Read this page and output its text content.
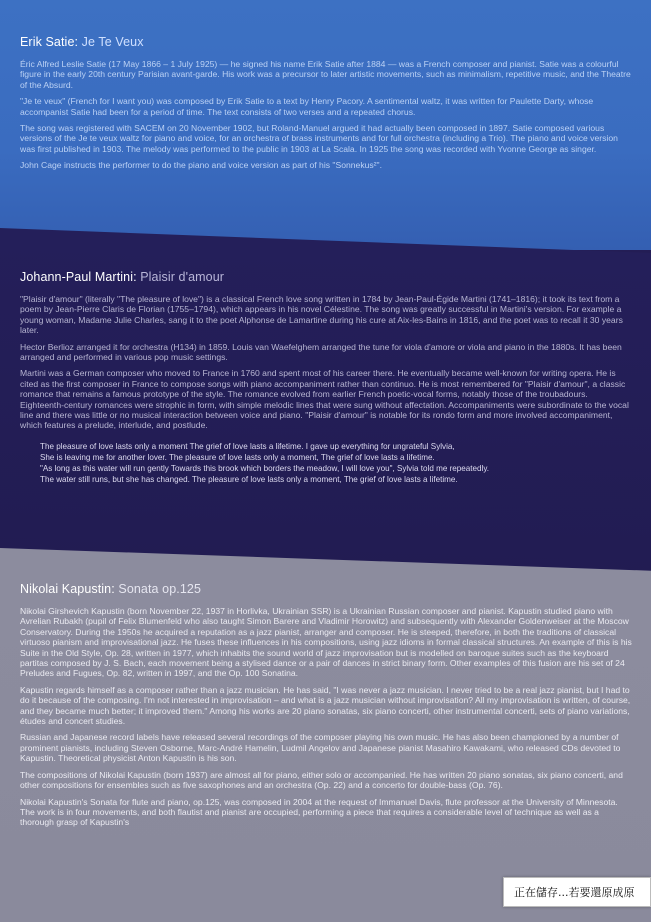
Erik Satie: Je Te Veux

Éric Alfred Leslie Satie (17 May 1866 – 1 July 1925) — he signed his name Erik Satie after 1884 — was a French composer and pianist. Satie was a colourful figure in the early 20th century Parisian avant-garde. His work was a precursor to later artistic movements, such as minimalism, repetitive music, and the Theatre of the Absurd.

"Je te veux" (French for I want you) was composed by Erik Satie to a text by Henry Pacory. A sentimental waltz, it was written for Paulette Darty, whose accompanist Satie had been for a period of time. The text consists of two verses and a repeated chorus.

The song was registered with SACEM on 20 November 1902, but Roland-Manuel argued it had actually been composed in 1897. Satie composed various versions of the Je te veux waltz for piano and voice, for an orchestra of brass instruments and for full orchestra (including a Trio). The piano and voice version was first published in 1903. The melody was performed to the public in 1903 at La Scala. In 1925 the song was recorded with Yvonne George as singer.

John Cage instructs the performer to do the piano and voice version as part of his "Sonnekus²".

Johann-Paul Martini: Plaisir d'amour

"Plaisir d'amour" (literally "The pleasure of love") is a classical French love song written in 1784 by Jean-Paul-Égide Martini (1741–1816); it took its text from a poem by Jean-Pierre Claris de Florian (1755–1794), which appears in his novel Célestine. The song was greatly successful in Martini's version. For example a young woman, Madame Julie Charles, sang it to the poet Alphonse de Lamartine during his cure at Aix-les-Bains in 1816, and the poet was to recall it 30 years later.

Hector Berlioz arranged it for orchestra (H134) in 1859. Louis van Waefelghem arranged the tune for viola d'amore or viola and piano in the 1880s. It has been arranged and performed in various pop music settings.

Martini was a German composer who moved to France in 1760 and spent most of his career there. He eventually became well-known for writing opera. He is cited as the first composer in France to compose songs with piano accompaniment rather than continuo. He is most remembered for "Plaisir d'amour", a classic romance that remains a famous prototype of the style. The romance evolved from earlier French poetic-vocal forms, notably those of the troubadours. Eighteenth-century romances were strophic in form, with simple melodic lines that were sung without affectation. Accompaniments were subordinate to the vocal line and there was little or no musical interaction between voice and piano. "Plaisir d'amour" is notable for its rondo form and more involved accompaniment, which features a prelude, interlude, and postlude.

The pleasure of love lasts only a moment The grief of love lasts a lifetime. I gave up everything for ungrateful Sylvia,
She is leaving me for another lover. The pleasure of love lasts only a moment, The grief of love lasts a lifetime.
"As long as this water will run gently Towards this brook which borders the meadow, I will love you", Sylvia told me repeatedly.
The water still runs, but she has changed. The pleasure of love lasts only a moment, The grief of love lasts a lifetime.
Nikolai Kapustin: Sonata op.125

Nikolai Girshevich Kapustin (born November 22, 1937 in Horlivka, Ukrainian SSR) is a Ukrainian Russian composer and pianist. Kapustin studied piano with Avrelian Rubakh (pupil of Felix Blumenfeld who also taught Simon Barere and Vladimir Horowitz) and subsequently with Alexander Goldenweiser at the Moscow Conservatory. During the 1950s he acquired a reputation as a jazz pianist, arranger and composer. He is steeped, therefore, in both the traditions of classical virtuoso pianism and improvisational jazz. He fuses these influences in his compositions, using jazz idioms in formal classical structures. An example of this is his Suite in the Old Style, Op. 28, written in 1977, which inhabits the sound world of jazz improvisation but is modelled on baroque suites such as the keyboard partitas composed by J. S. Bach, each movement being a stylised dance or a pair of dances in strict binary form. Other examples of this fusion are his set of 24 Preludes and Fugues, Op. 82, written in 1997, and the Op. 100 Sonatina.

Kapustin regards himself as a composer rather than a jazz musician. He has said, "I was never a jazz musician. I never tried to be a real jazz pianist, but I had to do it because of the composing. I'm not interested in improvisation – and what is a jazz musician without improvisation? All my improvisation is written, of course, and they became much better; it improved them." Among his works are 20 piano sonatas, six piano concerti, other instrumental concerti, sets of piano variations, études and concert studies.

Russian and Japanese record labels have released several recordings of the composer playing his own music. He has also been championed by a number of prominent pianists, including Steven Osborne, Marc-André Hamelin, Ludmil Angelov and Japanese pianist Masahiro Kawakami, who released CDs devoted to Kapustin. Theoretical physicist Anton Kapustin is his son.

The compositions of Nikolai Kapustin (born 1937) are almost all for piano, either solo or accompanied. He has written 20 piano sonatas, six piano concerti, and other compositions for ensembles such as five saxophones and an orchestra (Op. 22) and a concerto for double-bass (Op. 76).

Nikolai Kapustin's Sonata for flute and piano, op.125, was composed in 2004 at the request of Immanuel Davis, flute professor at the University of Minnesota. The work is in four movements, and both flautist and pianist are occupied, performing a piece that requires a considerable level of technique as well as a thorough grasp of Kapustin's

正在儲存...若要還原成原
